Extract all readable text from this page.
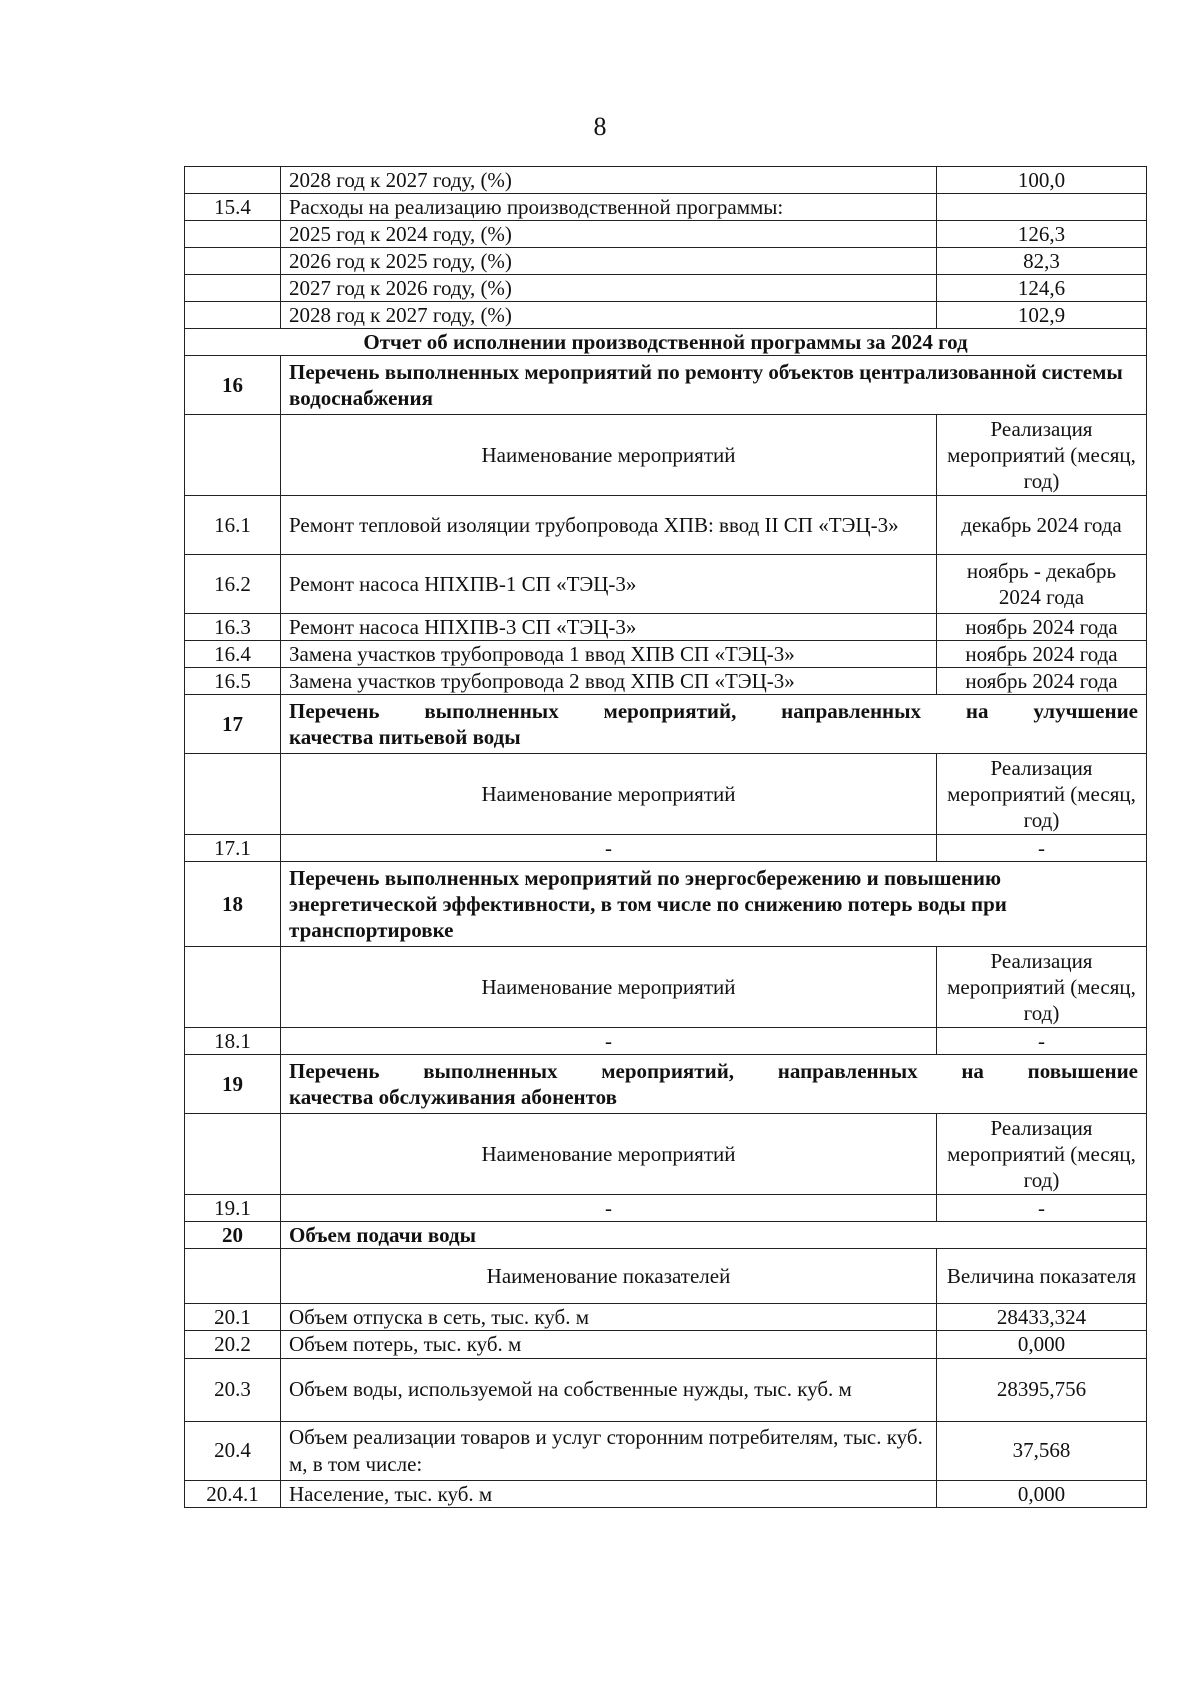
8
	2028 год к 2027 году, (%)	100,0
15.4	Расходы на реализацию производственной программы:	
	2025 год к 2024 году, (%)	126,3
	2026 год к 2025 году, (%)	82,3
	2027 год к 2026 году, (%)	124,6
	2028 год к 2027 году, (%)	102,9
Отчет об исполнении производственной программы за 2024 год		
16	Перечень выполненных мероприятий по ремонту объектов централизованной системы водоснабжения	
	Наименование мероприятий	Реализация мероприятий (месяц, год)
16.1	Ремонт тепловой изоляции трубопровода ХПВ: ввод II СП «ТЭЦ-3»	декабрь 2024 года
16.2	Ремонт насоса НПХПВ-1 СП «ТЭЦ-3»	ноябрь - декабрь 2024 года
16.3	Ремонт насоса НПХПВ-3 СП «ТЭЦ-3»	ноябрь 2024 года
16.4	Замена участков трубопровода 1 ввод ХПВ СП «ТЭЦ-3»	ноябрь 2024 года
16.5	Замена участков трубопровода 2 ввод ХПВ СП «ТЭЦ-3»	ноябрь 2024 года
17	Перечень выполненных мероприятий, направленных на улучшение
качества питьевой воды	
	Наименование мероприятий	Реализация мероприятий (месяц, год)
17.1	-	-
18	Перечень выполненных мероприятий по энергосбережению и повышению энергетической эффективности, в том числе по снижению потерь воды при транспортировке	
	Наименование мероприятий	Реализация мероприятий (месяц, год)
18.1	-	-
19	Перечень выполненных мероприятий, направленных на повышение
качества обслуживания абонентов	
	Наименование мероприятий	Реализация мероприятий (месяц, год)
19.1	-	-
20	Объем подачи воды	
	Наименование показателей	Величина показателя
20.1	Объем отпуска в сеть, тыс. куб. м	28433,324
20.2	Объем потерь, тыс. куб. м	0,000
20.3	Объем воды, используемой на собственные нужды, тыс. куб. м	28395,756
20.4	Объем реализации товаров и услуг сторонним потребителям, тыс. куб. м, в том числе:	37,568
20.4.1	Население, тыс. куб. м	0,000
